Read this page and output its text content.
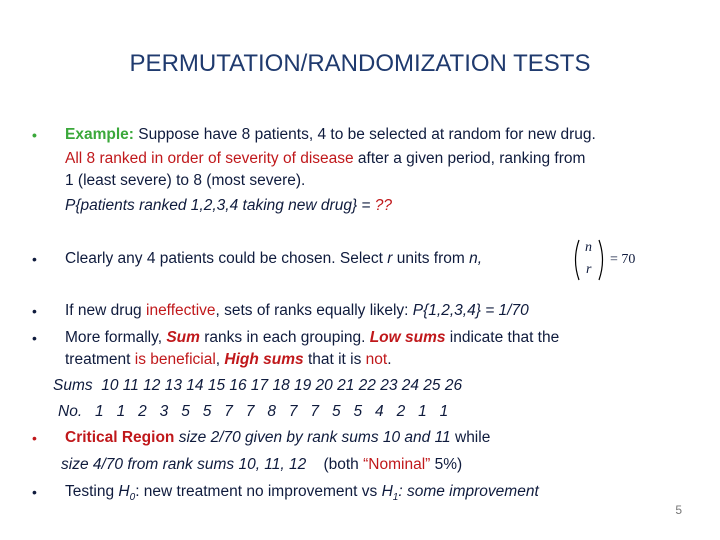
PERMUTATION/RANDOMIZATION TESTS
• Example: Suppose have 8 patients, 4 to be selected at random for new drug.
All 8 ranked in order of severity of disease after a given period, ranking from
1 (least severe) to 8 (most severe).
P{patients ranked 1,2,3,4 taking new drug} = ??
• Clearly any 4 patients could be chosen. Select r units from n,
n
r
= 70
• If new drug ineffective, sets of ranks equally likely: P{1,2,3,4} = 1/70
• More formally, Sum ranks in each grouping. Low sums indicate that the
treatment is beneficial, High sums that it is not.
Sums  10 11 12 13 14 15 16 17 18 19 20 21 22 23 24 25 26
No.   1   1   2   3   5   5   7   7   8   7   7   5   5   4   2   1   1
• Critical Region size 2/70 given by rank sums 10 and 11 while
size 4/70 from rank sums 10, 11, 12    (both “Nominal” 5%)
• Testing $H_0$: new treatment no improvement vs $H_1$: some improvement
5
